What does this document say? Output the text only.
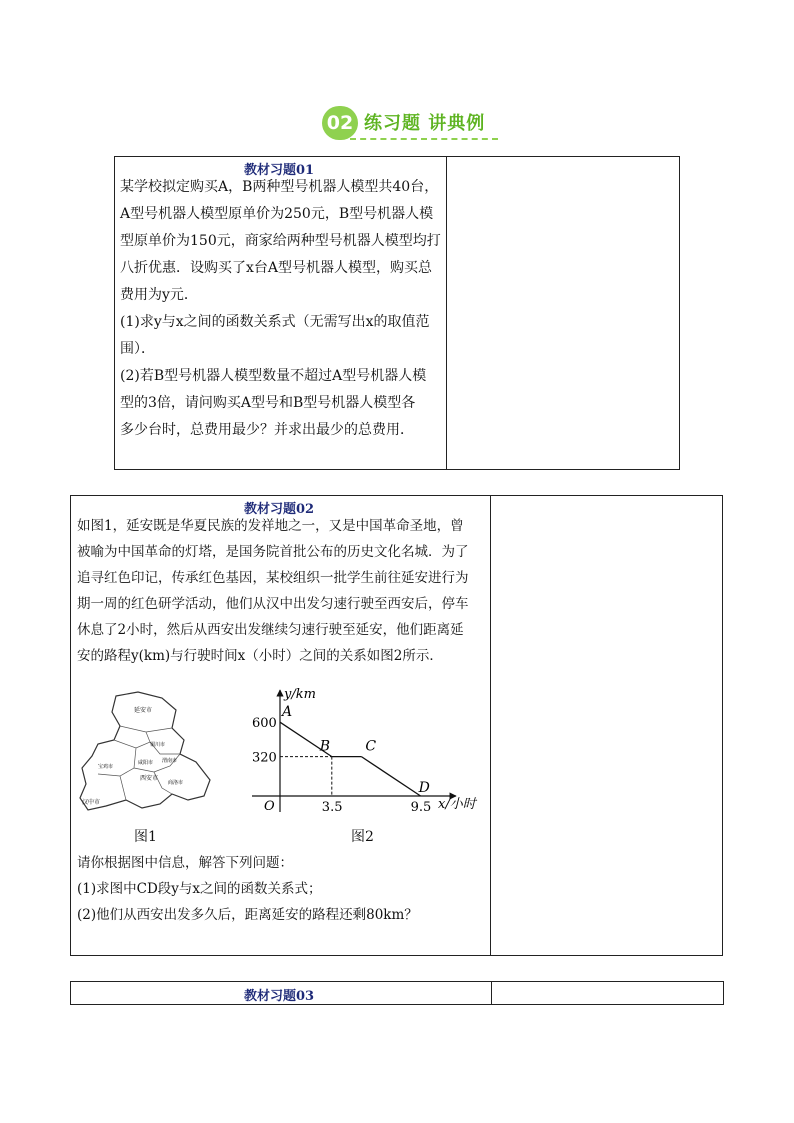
02 练习题 讲典例
教材习题01
某学校拟定购买A，B两种型号机器人模型共40台，
A型号机器人模型原单价为250元，B型号机器人模
型原单价为150元，商家给两种型号机器人模型均打
八折优惠．设购买了x台A型号机器人模型，购买总
费用为y元．
(1)求y与x之间的函数关系式（无需写出x的取值范
围）．
(2)若B型号机器人模型数量不超过A型号机器人模
型的3倍，请问购买A型号和B型号机器人模型各
多少台时，总费用最少？并求出最少的总费用．
教材习题02
如图1，延安既是华夏民族的发祥地之一，又是中国革命圣地，曾
被喻为中国革命的灯塔，是国务院首批公布的历史文化名城．为了
追寻红色印记，传承红色基因，某校组织一批学生前往延安进行为
期一周的红色研学活动，他们从汉中出发匀速行驶至西安后，停车
休息了2小时，然后从西安出发继续匀速行驶至延安，他们距离延
安的路程y(km)与行驶时间x（小时）之间的关系如图2所示．
延安市
汉中市
西安市
宝鸡市
咸阳市
铜川市
渭南市
商洛市
图1
600
320
3.5	9.5
A
B	C
D
y/km
x/小时
O
图2
请你根据图中信息，解答下列问题：
(1)求图中CD段y与x之间的函数关系式；
(2)他们从西安出发多久后，距离延安的路程还剩80km？
教材习题03
